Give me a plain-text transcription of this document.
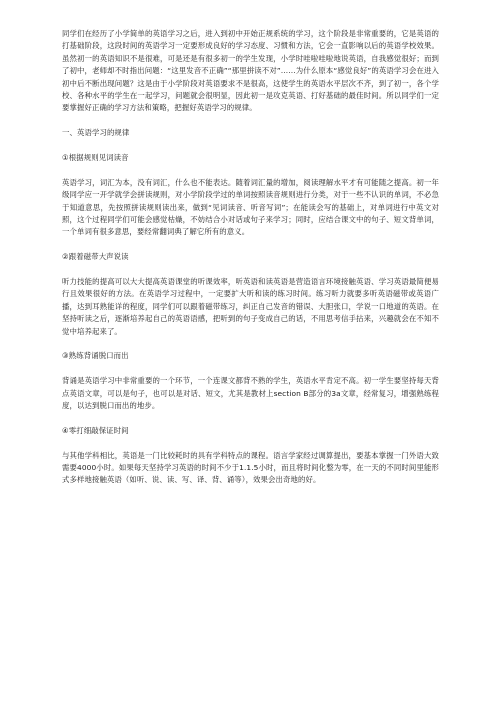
同学们在经历了小学简单的英语学习之后，进入到初中开始正规系统的学习，这个阶段是非常重要的，它是英语的打基础阶段，这段时间的英语学习一定要形成良好的学习态度、习惯和方法，它会一直影响以后的英语学校效果。虽然初一的英语知识不是很难，可是还是有很多初一的学生发现，小学时哇啦哇啦地说英语，自我感觉很好；而到了初中，老师却不时指出问题：“这里发音不正确”“那里拼读不对”……为什么原本“感觉良好”的英语学习会在进入初中后不断出现问题？这是由于小学阶段对英语要求不是很高，这使学生的英语水平层次不齐，到了初一，各个学校、各种水平的学生在一起学习，问题就会很明显，因此初一是攻克英语、打好基础的最佳时间。所以同学们一定要掌握好正确的学习方法和策略，把握好英语学习的规律。

一、英语学习的规律

①根据规则见词读音

英语学习，词汇为本，没有词汇，什么也不能表达。随着词汇量的增加，阅读理解水平才有可能随之提高。初一年级同学应一开学就学会拼读规则，对小学阶段学过的单词按照读音规则进行分类，对于一些不认识的单词，不必急于知道意思，先按照拼读规则读出来，做到“见词读音、听音写词”；在能读会写的基础上，对单词进行中英文对照，这个过程同学们可能会感觉枯燥，不妨结合小对话或句子来学习；同时，应结合课文中的句子、短文背单词，一个单词有很多意思，要经常翻词典了解它所有的意义。

②跟着磁带大声说读

听力技能的提高可以大大提高英语课堂的听课效率，听英语和读英语是营造语言环境接触英语、学习英语最简便易行且效果很好的方法。在英语学习过程中，一定要扩大听和读的练习时间。练习听力就要多听英语磁带或英语广播，达到耳熟能详的程度，同学们可以跟着磁带练习，纠正自己发音的错误、大胆张口，学说一口地道的英语。在坚持听读之后，逐渐培养起自己的英语语感，把听到的句子变成自己的话，不用思考信手拈来，兴趣就会在不知不觉中培养起来了。

③熟练背诵脱口而出

背诵是英语学习中非常重要的一个环节，一个连课文都背不熟的学生，英语水平肯定不高。初一学生要坚持每天背点英语文章，可以是句子，也可以是对话、短文，尤其是教材上section B部分的3a文章，经常复习，增强熟练程度，以达到脱口而出的地步。

④零打细敲保证时间

与其他学科相比，英语是一门比较耗时的具有学科特点的课程。语言学家经过调算提出，要基本掌握一门外语大致需要4000小时。如果每天坚持学习英语的时间不少于1.1.5小时，而且将时间化整为零，在一天的不同时间里能形式多样地接触英语（如听、说、读、写、译、背、诵等），效果会出奇地的好。
